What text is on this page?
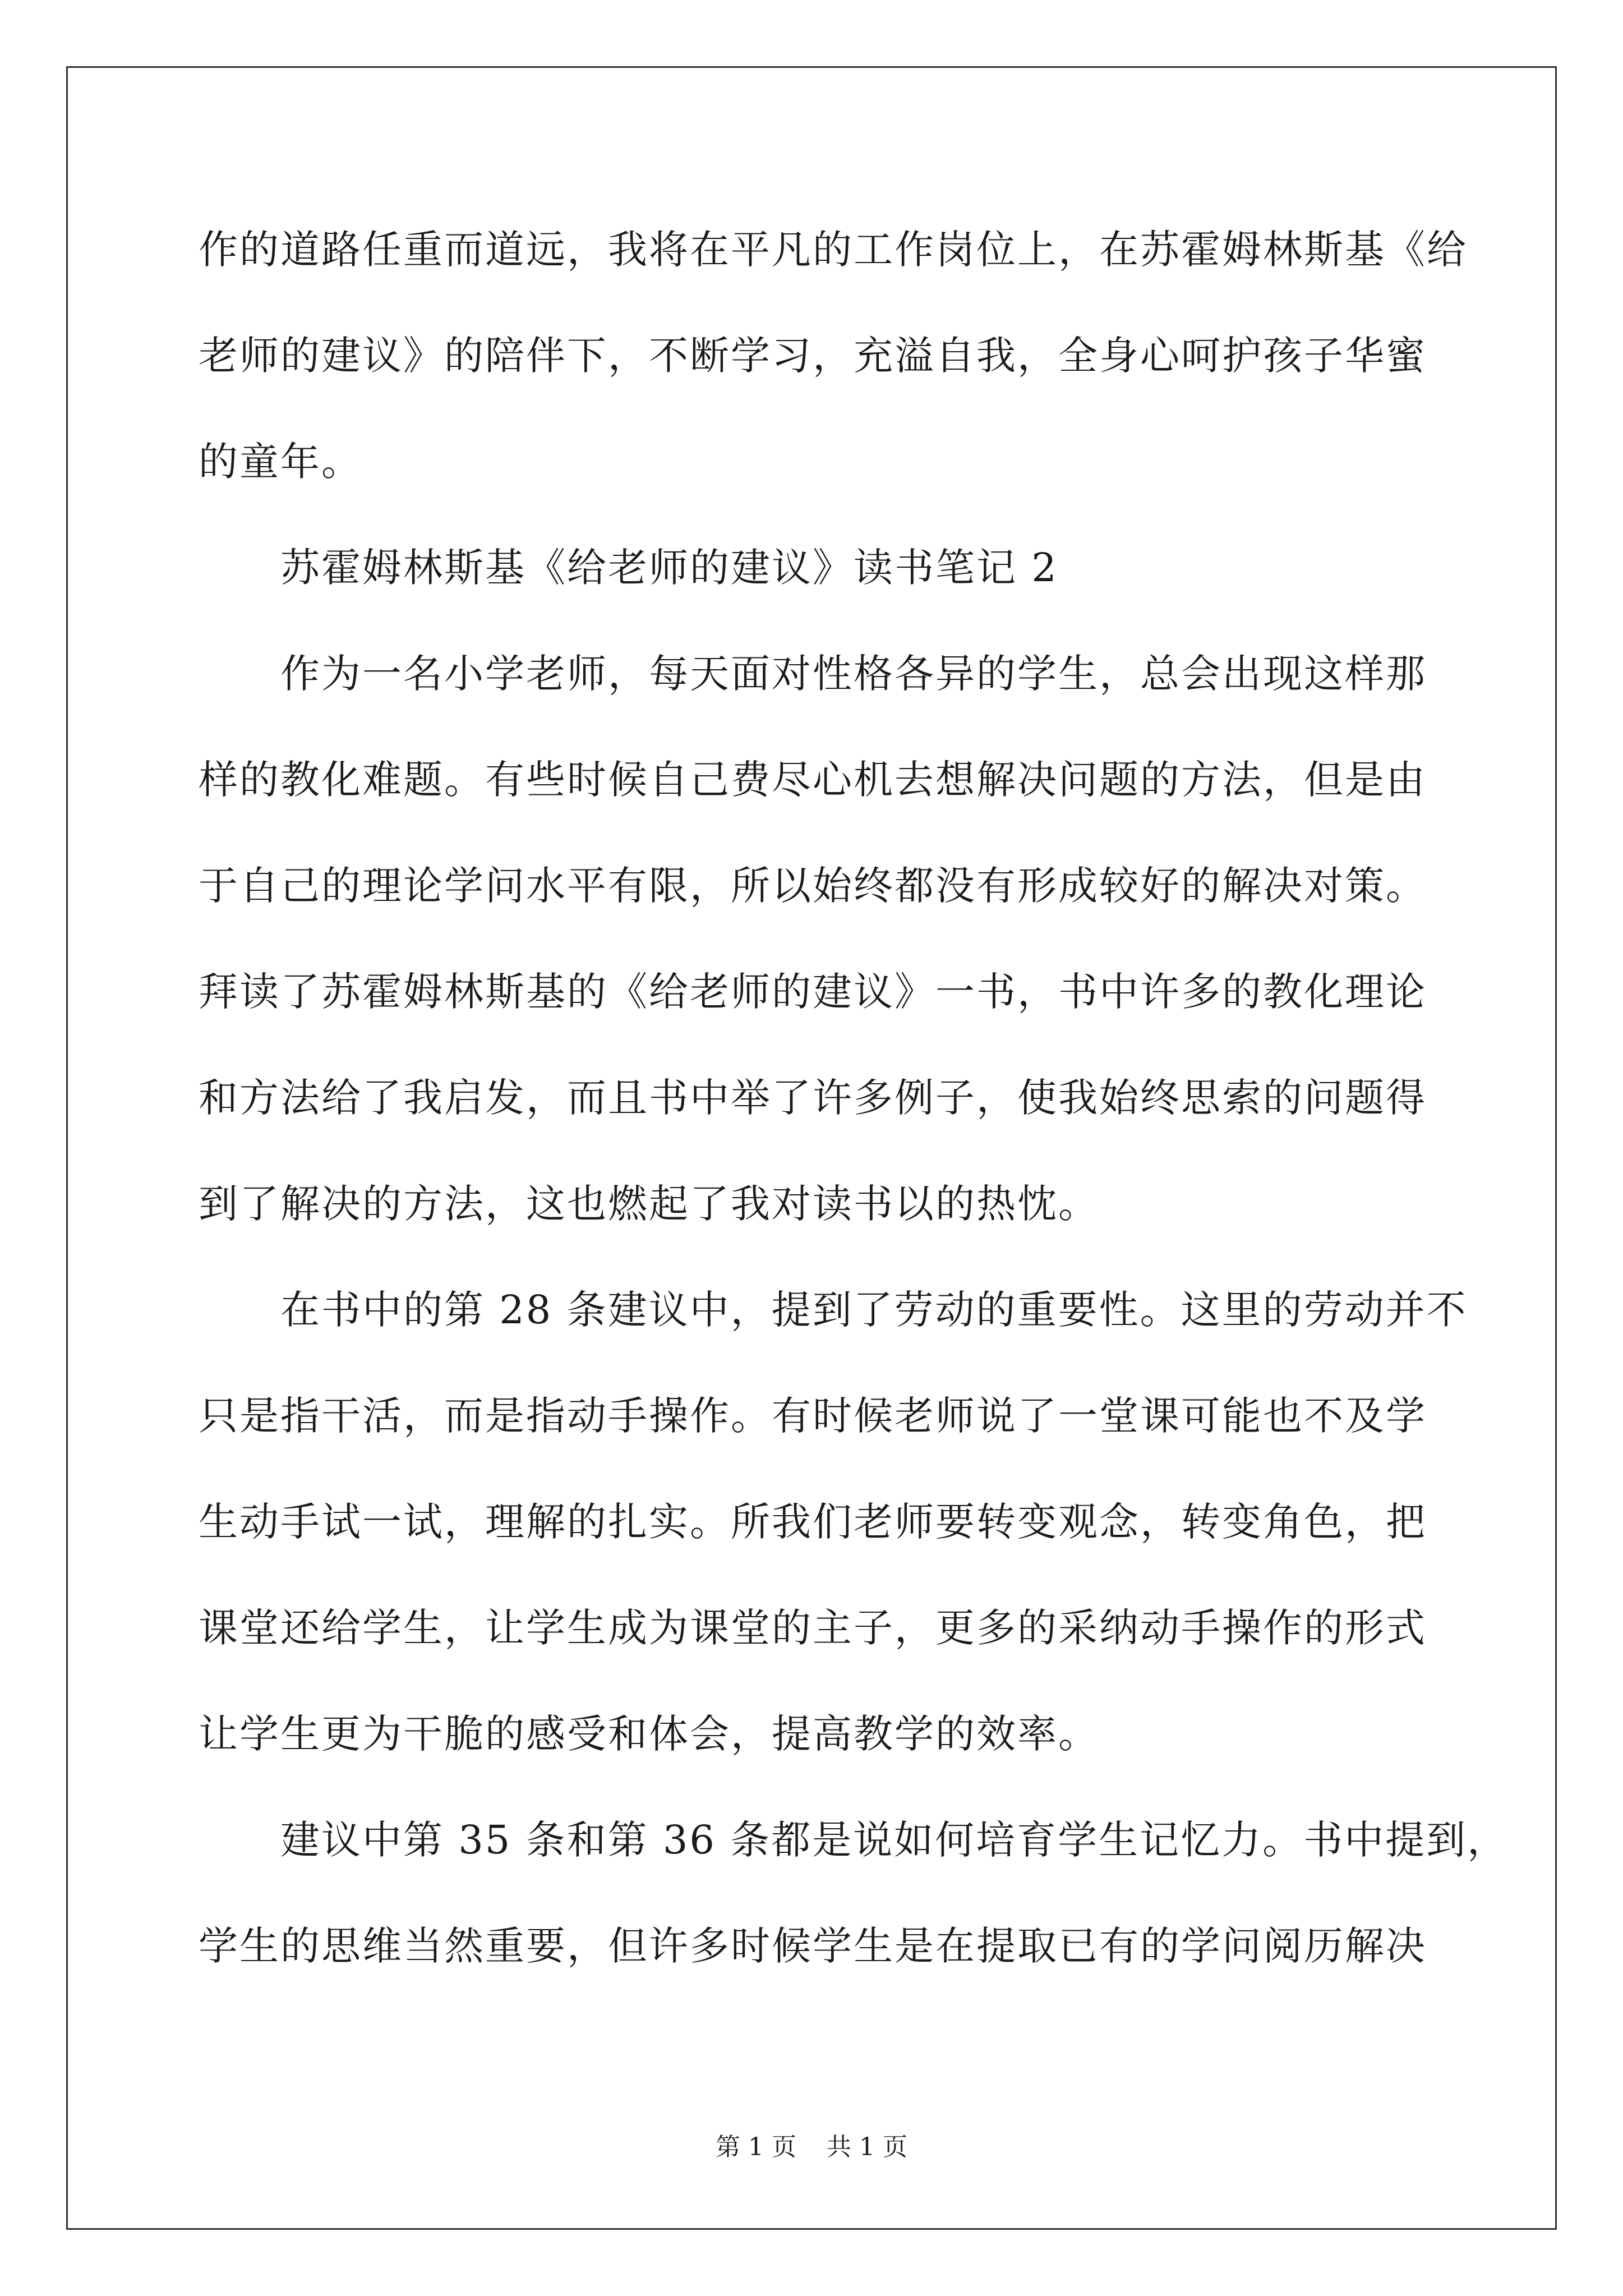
作的道路任重而道远，我将在平凡的工作岗位上，在苏霍姆林斯基《给
老师的建议》的陪伴下，不断学习，充溢自我，全身心呵护孩子华蜜
的童年。
苏霍姆林斯基《给老师的建议》读书笔记 2
作为一名小学老师，每天面对性格各异的学生，总会出现这样那
样的教化难题。有些时候自己费尽心机去想解决问题的方法，但是由
于自己的理论学问水平有限，所以始终都没有形成较好的解决对策。
拜读了苏霍姆林斯基的《给老师的建议》一书，书中许多的教化理论
和方法给了我启发，而且书中举了许多例子，使我始终思索的问题得
到了解决的方法，这也燃起了我对读书以的热忱。
在书中的第 28 条建议中，提到了劳动的重要性。这里的劳动并不
只是指干活，而是指动手操作。有时候老师说了一堂课可能也不及学
生动手试一试，理解的扎实。所我们老师要转变观念，转变角色，把
课堂还给学生，让学生成为课堂的主子，更多的采纳动手操作的形式
让学生更为干脆的感受和体会，提高教学的效率。
建议中第 35 条和第 36 条都是说如何培育学生记忆力。书中提到，
学生的思维当然重要，但许多时候学生是在提取已有的学问阅历解决
第 1 页 共 1 页
